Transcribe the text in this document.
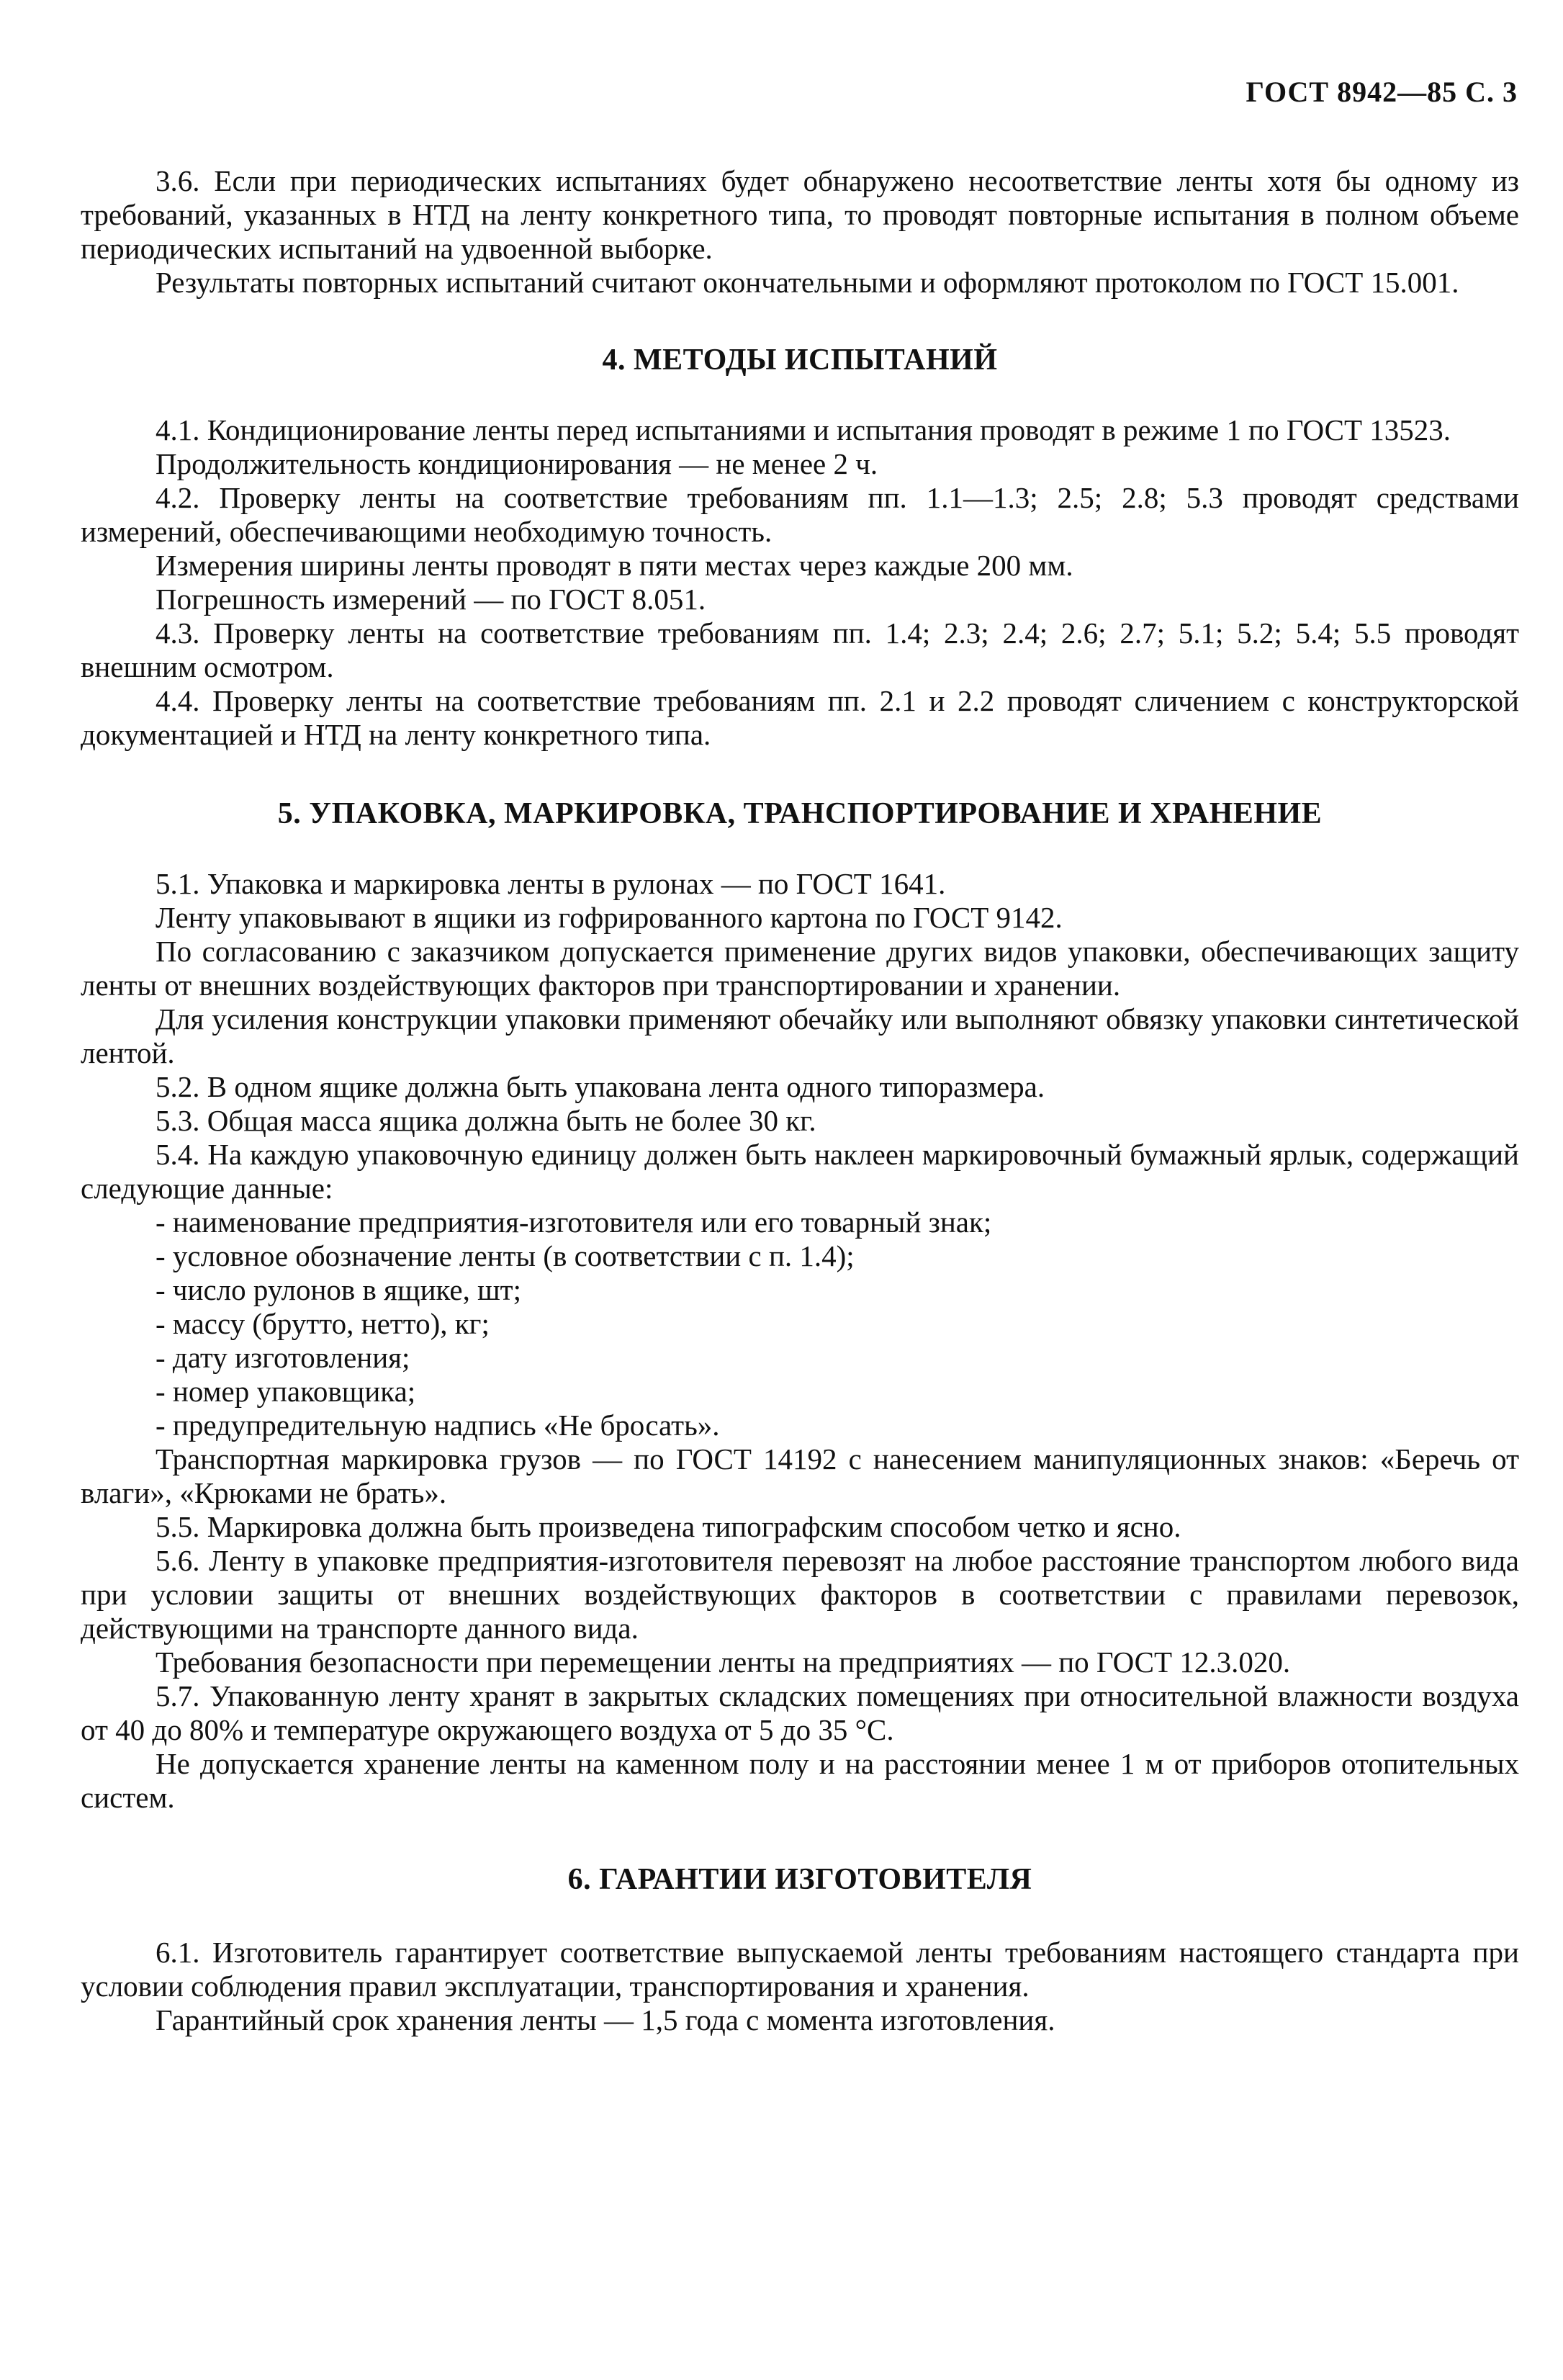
ГОСТ 8942—85 С. 3

3.6. Если при периодических испытаниях будет обнаружено несоответствие ленты хотя бы одному из требований, указанных в НТД на ленту конкретного типа, то проводят повторные испытания в полном объеме периодических испытаний на удвоенной выборке.

Результаты повторных испытаний считают окончательными и оформляют протоколом по ГОСТ 15.001.

4. МЕТОДЫ ИСПЫТАНИЙ

4.1. Кондиционирование ленты перед испытаниями и испытания проводят в режиме 1 по ГОСТ 13523.

Продолжительность кондиционирования — не менее 2 ч.

4.2. Проверку ленты на соответствие требованиям пп. 1.1—1.3; 2.5; 2.8; 5.3 проводят средствами измерений, обеспечивающими необходимую точность.

Измерения ширины ленты проводят в пяти местах через каждые 200 мм.

Погрешность измерений — по ГОСТ 8.051.

4.3. Проверку ленты на соответствие требованиям пп. 1.4; 2.3; 2.4; 2.6; 2.7; 5.1; 5.2; 5.4; 5.5 проводят внешним осмотром.

4.4. Проверку ленты на соответствие требованиям пп. 2.1 и 2.2 проводят сличением с конструкторской документацией и НТД на ленту конкретного типа.

5. УПАКОВКА, МАРКИРОВКА, ТРАНСПОРТИРОВАНИЕ И ХРАНЕНИЕ

5.1. Упаковка и маркировка ленты в рулонах — по ГОСТ 1641.

Ленту упаковывают в ящики из гофрированного картона по ГОСТ 9142.

По согласованию с заказчиком допускается применение других видов упаковки, обеспечивающих защиту ленты от внешних воздействующих факторов при транспортировании и хранении.

Для усиления конструкции упаковки применяют обечайку или выполняют обвязку упаковки синтетической лентой.

5.2. В одном ящике должна быть упакована лента одного типоразмера.

5.3. Общая масса ящика должна быть не более 30 кг.

5.4. На каждую упаковочную единицу должен быть наклеен маркировочный бумажный ярлык, содержащий следующие данные:

- наименование предприятия-изготовителя или его товарный знак;

- условное обозначение ленты (в соответствии с п. 1.4);

- число рулонов в ящике, шт;

- массу (брутто, нетто), кг;

- дату изготовления;

- номер упаковщика;

- предупредительную надпись «Не бросать».

Транспортная маркировка грузов — по ГОСТ 14192 с нанесением манипуляционных знаков: «Беречь от влаги», «Крюками не брать».

5.5. Маркировка должна быть произведена типографским способом четко и ясно.

5.6. Ленту в упаковке предприятия-изготовителя перевозят на любое расстояние транспортом любого вида при условии защиты от внешних воздействующих факторов в соответствии с правилами перевозок, действующими на транспорте данного вида.

Требования безопасности при перемещении ленты на предприятиях — по ГОСТ 12.3.020.

5.7. Упакованную ленту хранят в закрытых складских помещениях при относительной влажности воздуха от 40 до 80% и температуре окружающего воздуха от 5 до 35 °С.

Не допускается хранение ленты на каменном полу и на расстоянии менее 1 м от приборов отопительных систем.

6. ГАРАНТИИ ИЗГОТОВИТЕЛЯ

6.1. Изготовитель гарантирует соответствие выпускаемой ленты требованиям настоящего стандарта при условии соблюдения правил эксплуатации, транспортирования и хранения.

Гарантийный срок хранения ленты — 1,5 года с момента изготовления.
